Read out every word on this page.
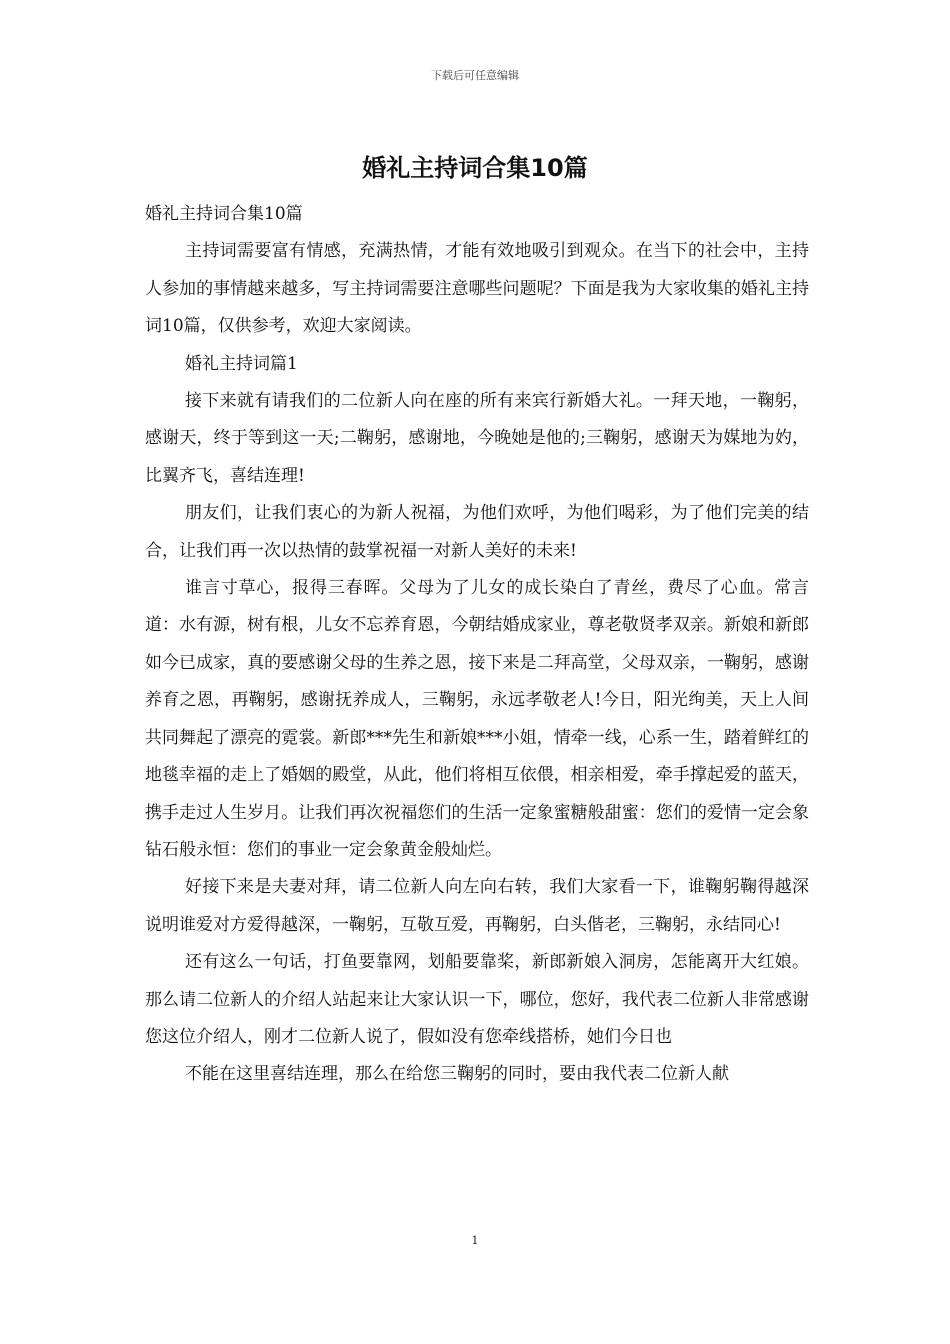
下载后可任意编辑
婚礼主持词合集10篇

婚礼主持词合集10篇

主持词需要富有情感，充满热情，才能有效地吸引到观众。在当下的社会中，主持人参加的事情越来越多，写主持词需要注意哪些问题呢？下面是我为大家收集的婚礼主持词10篇，仅供参考，欢迎大家阅读。

婚礼主持词篇1

接下来就有请我们的二位新人向在座的所有来宾行新婚大礼。一拜天地，一鞠躬，感谢天，终于等到这一天;二鞠躬，感谢地，今晚她是他的;三鞠躬，感谢天为媒地为妁，比翼齐飞，喜结连理!

朋友们，让我们衷心的为新人祝福，为他们欢呼，为他们喝彩，为了他们完美的结合，让我们再一次以热情的鼓掌祝福一对新人美好的未来!

谁言寸草心，报得三春晖。父母为了儿女的成长染白了青丝，费尽了心血。常言道：水有源，树有根，儿女不忘养育恩，今朝结婚成家业，尊老敬贤孝双亲。新娘和新郎如今已成家，真的要感谢父母的生养之恩，接下来是二拜高堂，父母双亲，一鞠躬，感谢养育之恩，再鞠躬，感谢抚养成人，三鞠躬，永远孝敬老人!今日，阳光绚美，天上人间共同舞起了漂亮的霓裳。新郎***先生和新娘***小姐，情牵一线，心系一生，踏着鲜红的地毯幸福的走上了婚姻的殿堂，从此，他们将相互依偎，相亲相爱，牵手撑起爱的蓝天，携手走过人生岁月。让我们再次祝福您们的生活一定象蜜糖般甜蜜：您们的爱情一定会象钻石般永恒：您们的事业一定会象黄金般灿烂。

好接下来是夫妻对拜，请二位新人向左向右转，我们大家看一下，谁鞠躬鞠得越深说明谁爱对方爱得越深，一鞠躬，互敬互爱，再鞠躬，白头偕老，三鞠躬，永结同心!

还有这么一句话，打鱼要靠网，划船要靠桨，新郎新娘入洞房，怎能离开大红娘。那么请二位新人的介绍人站起来让大家认识一下，哪位，您好，我代表二位新人非常感谢您这位介绍人，刚才二位新人说了，假如没有您牵线搭桥，她们今日也

不能在这里喜结连理，那么在给您三鞠躬的同时，要由我代表二位新人献

1
